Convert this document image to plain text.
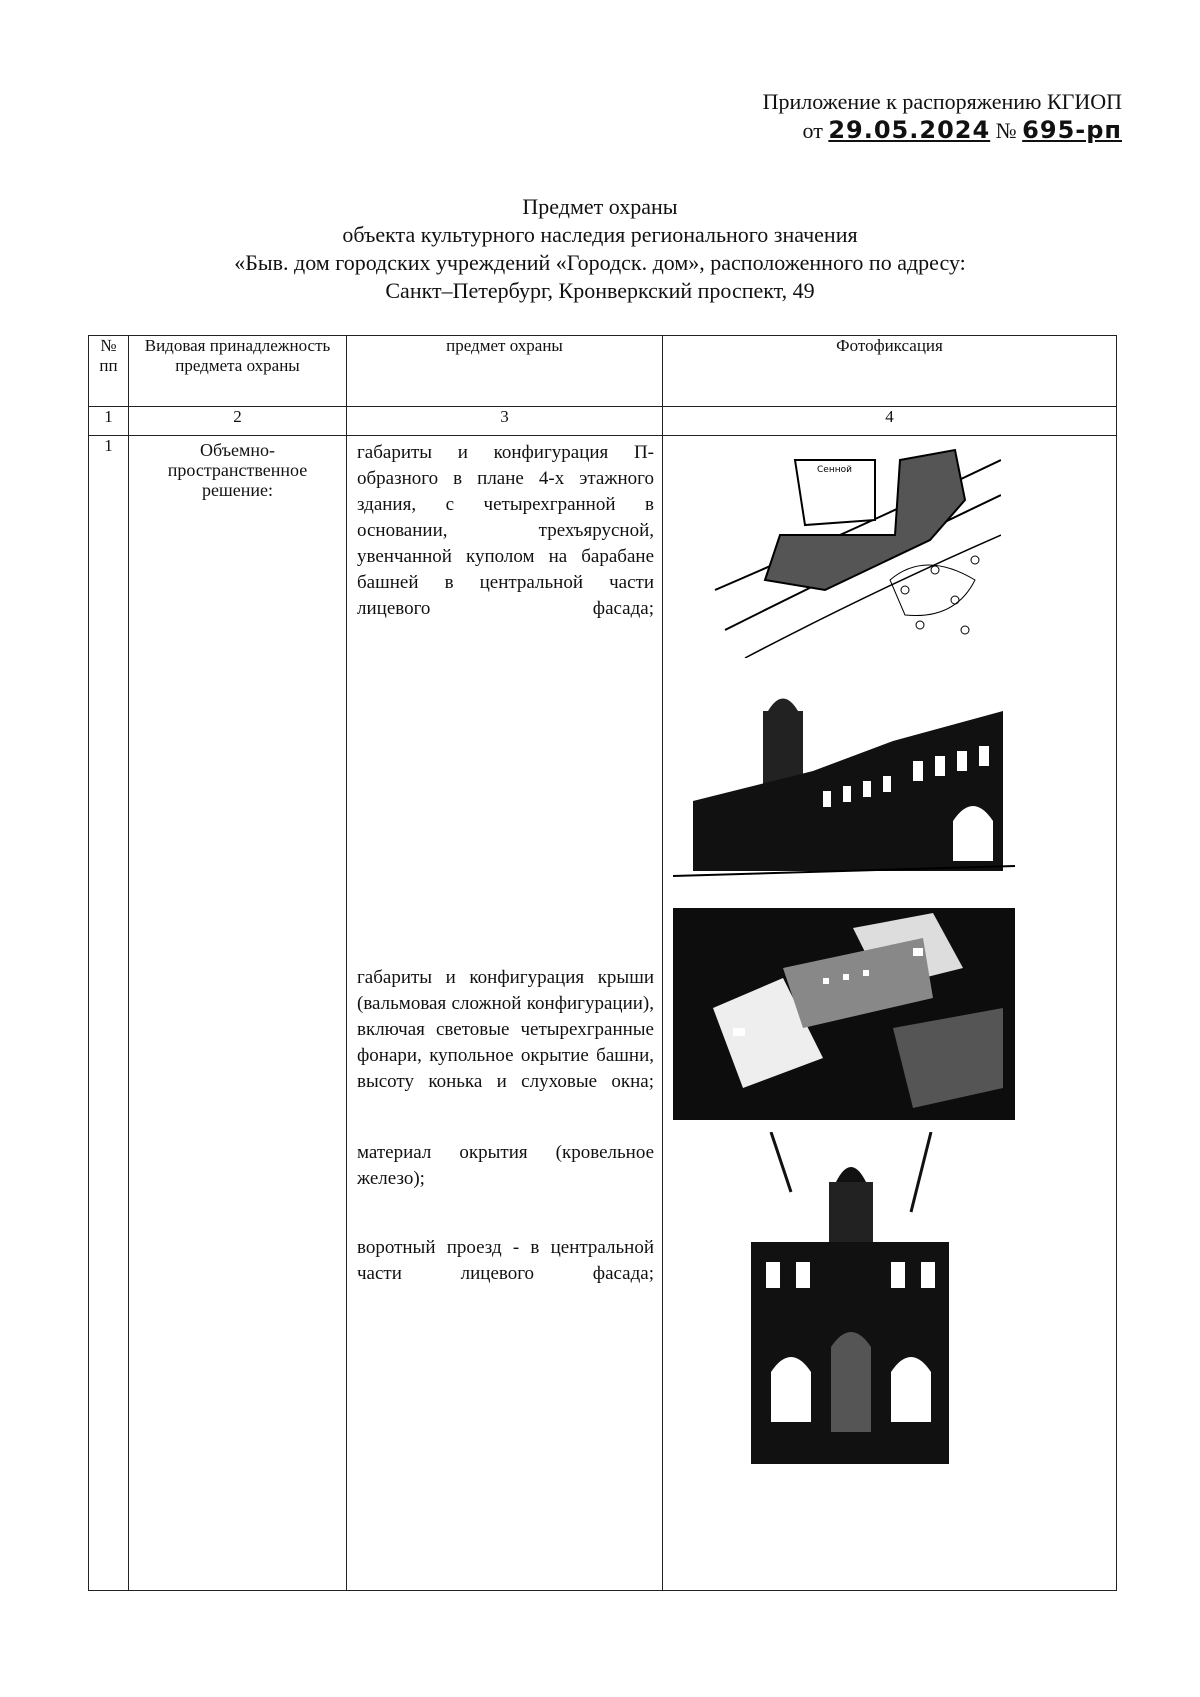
Приложение к распоряжению КГИОП
от 29.05.2024 № 695-рп
Предмет охраны
объекта культурного наследия регионального значения
«Быв. дом городских учреждений «Городск. дом», расположенного по адресу:
Санкт–Петербург, Кронверкский проспект, 49
№ пп	Видовая принадлежность предмета охраны	предмет охраны	Фотофиксация
1	2	3	4
1	Объемно-пространственное решение:	габариты и конфигурация П-образного в плане 4-х этажного здания, с четырехгранной в основании, трехъярусной, увенчанной куполом на барабане башней в центральной части лицевого фасада;

габариты и конфигурация крыши (вальмовая сложной конфигурации), включая световые четырехгранные фонари, купольное окрытие башни, высоту конька и слуховые окна;

материал окрытия (кровельное железо);

воротный проезд - в центральной части лицевого фасада;	Сенной
